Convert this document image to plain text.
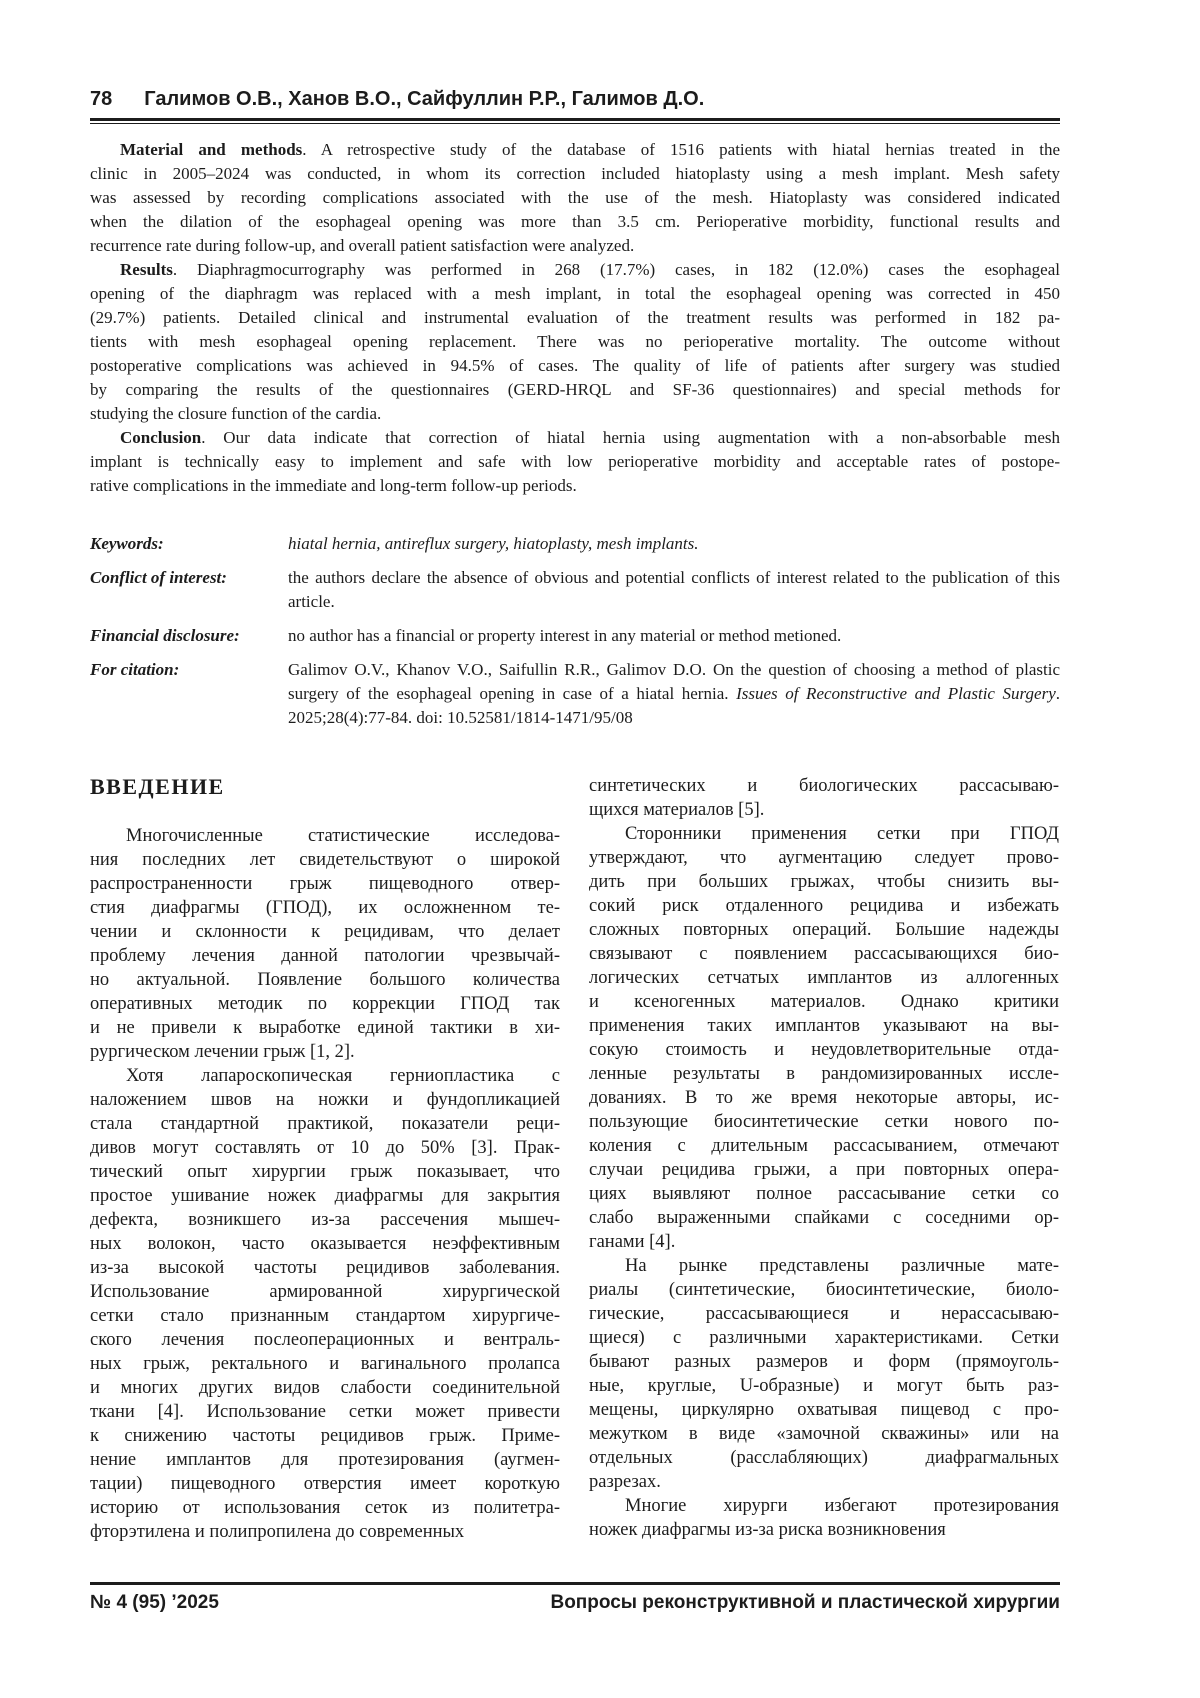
78 Галимов О.В., Ханов В.О., Сайфуллин Р.Р., Галимов Д.О.
Material and methods. A retrospective study of the database of 1516 patients with hiatal hernias treated in the
clinic in 2005–2024 was conducted, in whom its correction included hiatoplasty using a mesh implant. Mesh safety
was assessed by recording complications associated with the use of the mesh. Hiatoplasty was considered indicated
when the dilation of the esophageal opening was more than 3.5 cm. Perioperative morbidity, functional results and
recurrence rate during follow-up, and overall patient satisfaction were analyzed.
Results. Diaphragmocurrography was performed in 268 (17.7%) cases, in 182 (12.0%) cases the esophageal
opening of the diaphragm was replaced with a mesh implant, in total the esophageal opening was corrected in 450
(29.7%) patients. Detailed clinical and instrumental evaluation of the treatment results was performed in 182 pa-
tients with mesh esophageal opening replacement. There was no perioperative mortality. The outcome without
postoperative complications was achieved in 94.5% of cases. The quality of life of patients after surgery was studied
by comparing the results of the questionnaires (GERD-HRQL and SF-36 questionnaires) and special methods for
studying the closure function of the cardia.
Conclusion. Our data indicate that correction of hiatal hernia using augmentation with a non-absorbable mesh
implant is technically easy to implement and safe with low perioperative morbidity and acceptable rates of postope-
rative complications in the immediate and long-term follow-up periods.
Keywords:	hiatal hernia, antireflux surgery, hiatoplasty, mesh implants.
Conflict of interest:	the authors declare the absence of obvious and potential conflicts of interest related to the publication of this article.
Financial disclosure:	no author has a financial or property interest in any material or method metioned.
For citation:	Galimov O.V., Khanov V.O., Saifullin R.R., Galimov D.O. On the question of choosing a method of plastic surgery of the esophageal opening in case of a hiatal hernia. Issues of Reconstructive and Plastic Surgery. 2025;28(4):77-84. doi: 10.52581/1814-1471/95/08
ВВЕДЕНИЕ
Многочисленные статистические исследова-
ния последних лет свидетельствуют о широкой
распространенности грыж пищеводного отвер-
стия диафрагмы (ГПОД), их осложненном те-
чении и склонности к рецидивам, что делает
проблему лечения данной патологии чрезвычай-
но актуальной. Появление большого количества
оперативных методик по коррекции ГПОД так
и не привели к выработке единой тактики в хи-
рургическом лечении грыж [1, 2].
Хотя лапароскопическая герниопластика с
наложением швов на ножки и фундопликацией
стала стандартной практикой, показатели реци-
дивов могут составлять от 10 до 50% [3]. Прак-
тический опыт хирургии грыж показывает, что
простое ушивание ножек диафрагмы для закрытия
дефекта, возникшего из-за рассечения мышеч-
ных волокон, часто оказывается неэффективным
из-за высокой частоты рецидивов заболевания.
Использование армированной хирургической
сетки стало признанным стандартом хирургиче-
ского лечения послеоперационных и вентраль-
ных грыж, ректального и вагинального пролапса
и многих других видов слабости соединительной
ткани [4]. Использование сетки может привести
к снижению частоты рецидивов грыж. Приме-
нение имплантов для протезирования (аугмен-
тации) пищеводного отверстия имеет короткую
историю от использования сеток из политетра-
фторэтилена и полипропилена до современных
синтетических и биологических рассасываю-
щихся материалов [5].
Сторонники применения сетки при ГПОД
утверждают, что аугментацию следует прово-
дить при больших грыжах, чтобы снизить вы-
сокий риск отдаленного рецидива и избежать
сложных повторных операций. Большие надежды
связывают с появлением рассасывающихся био-
логических сетчатых имплантов из аллогенных
и ксеногенных материалов. Однако критики
применения таких имплантов указывают на вы-
сокую стоимость и неудовлетворительные отда-
ленные результаты в рандомизированных иссле-
дованиях. В то же время некоторые авторы, ис-
пользующие биосинтетические сетки нового по-
коления с длительным рассасыванием, отмечают
случаи рецидива грыжи, а при повторных опера-
циях выявляют полное рассасывание сетки со
слабо выраженными спайками с соседними ор-
ганами [4].
На рынке представлены различные мате-
риалы (синтетические, биосинтетические, биоло-
гические, рассасывающиеся и нерассасываю-
щиеся) с различными характеристиками. Сетки
бывают разных размеров и форм (прямоуголь-
ные, круглые, U-образные) и могут быть раз-
мещены, циркулярно охватывая пищевод с про-
межутком в виде «замочной скважины» или на
отдельных (расслабляющих) диафрагмальных
разрезах.
Многие хирурги избегают протезирования
ножек диафрагмы из-за риска возникновения
№ 4 (95) ’2025	Вопросы реконструктивной и пластической хирургии
